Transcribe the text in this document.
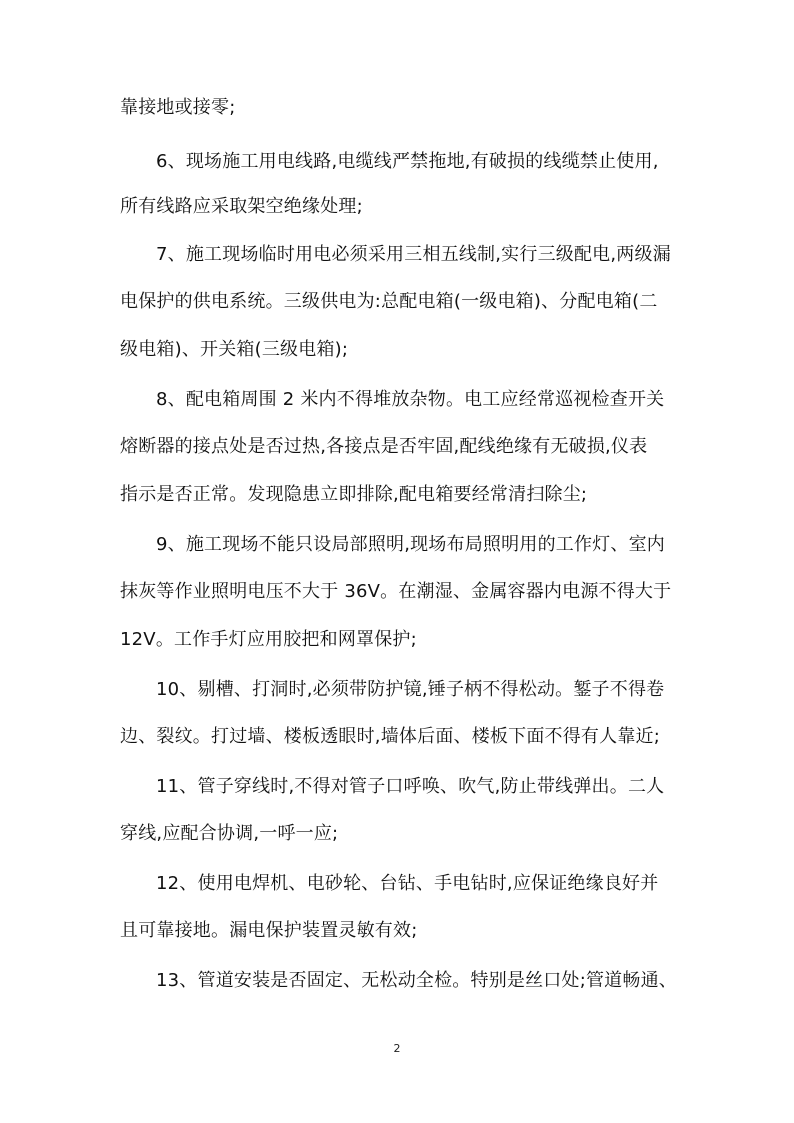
靠接地或接零;
6、现场施工用电线路,电缆线严禁拖地,有破损的线缆禁止使用,
所有线路应采取架空绝缘处理;
7、施工现场临时用电必须采用三相五线制,实行三级配电,两级漏
电保护的供电系统。三级供电为:总配电箱(一级电箱)、分配电箱(二
级电箱)、开关箱(三级电箱);
8、配电箱周围 2 米内不得堆放杂物。电工应经常巡视检查开关
熔断器的接点处是否过热,各接点是否牢固,配线绝缘有无破损,仪表
指示是否正常。发现隐患立即排除,配电箱要经常清扫除尘;
9、施工现场不能只设局部照明,现场布局照明用的工作灯、室内
抹灰等作业照明电压不大于 36V。在潮湿、金属容器内电源不得大于
12V。工作手灯应用胶把和网罩保护;
10、剔槽、打洞时,必须带防护镜,锤子柄不得松动。錾子不得卷
边、裂纹。打过墙、楼板透眼时,墙体后面、楼板下面不得有人靠近;
11、管子穿线时,不得对管子口呼唤、吹气,防止带线弹出。二人
穿线,应配合协调,一呼一应;
12、使用电焊机、电砂轮、台钻、手电钻时,应保证绝缘良好并
且可靠接地。漏电保护装置灵敏有效;
13、管道安装是否固定、无松动全检。特别是丝口处;管道畅通、
2
